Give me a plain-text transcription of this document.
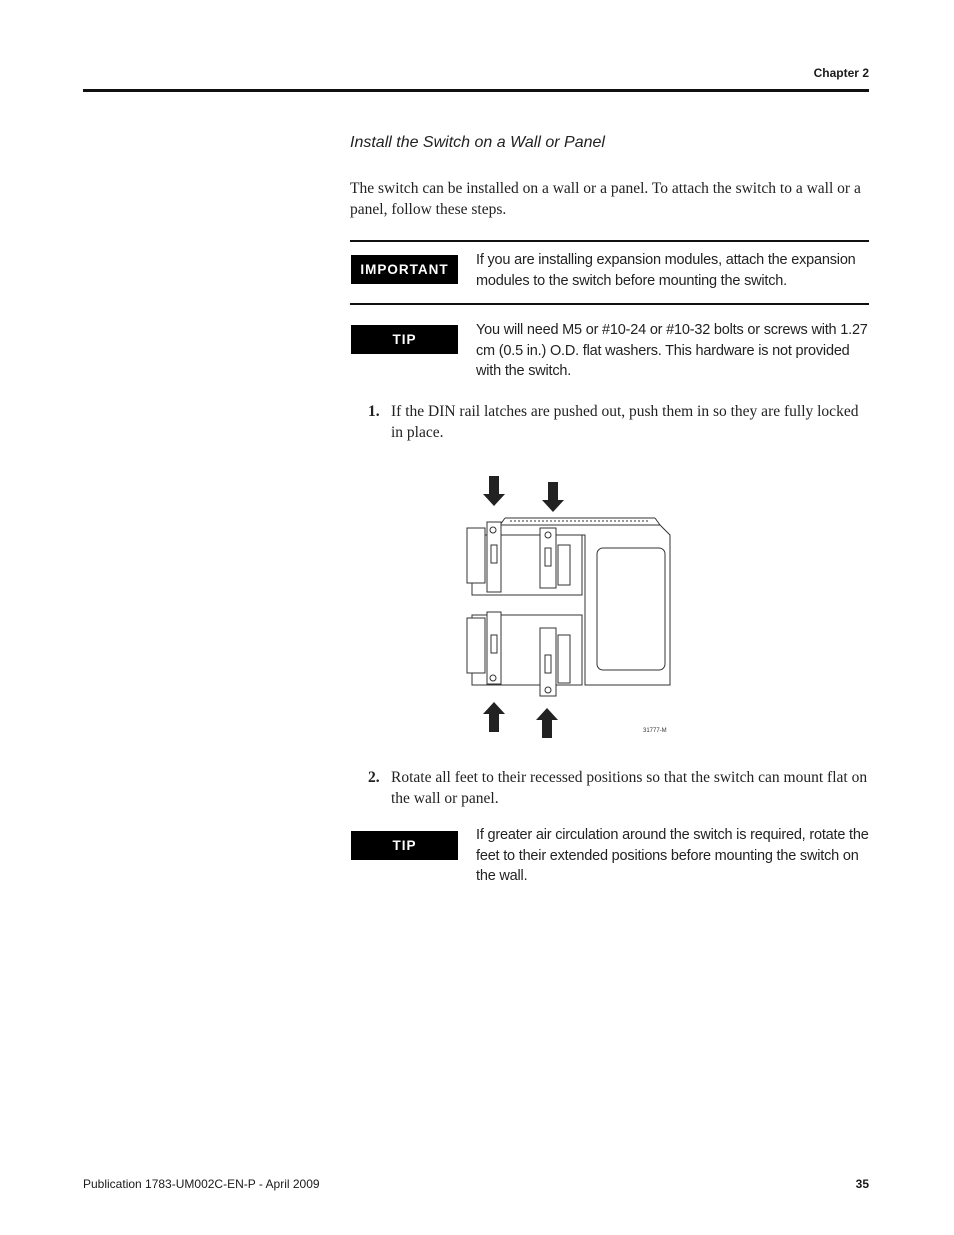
Chapter 2
Install the Switch on a Wall or Panel
The switch can be installed on a wall or a panel. To attach the switch to a wall or a panel, follow these steps.
IMPORTANT
If you are installing expansion modules, attach the expansion modules to the switch before mounting the switch.
TIP
You will need M5 or #10-24 or #10-32 bolts or screws with 1.27 cm (0.5 in.) O.D. flat washers. This hardware is not provided with the switch.
1. If the DIN rail latches are pushed out, push them in so they are fully locked in place.
31777-M
2. Rotate all feet to their recessed positions so that the switch can mount flat on the wall or panel.
TIP
If greater air circulation around the switch is required, rotate the feet to their extended positions before mounting the switch on the wall.
Publication 1783-UM002C-EN-P - April 2009	35
